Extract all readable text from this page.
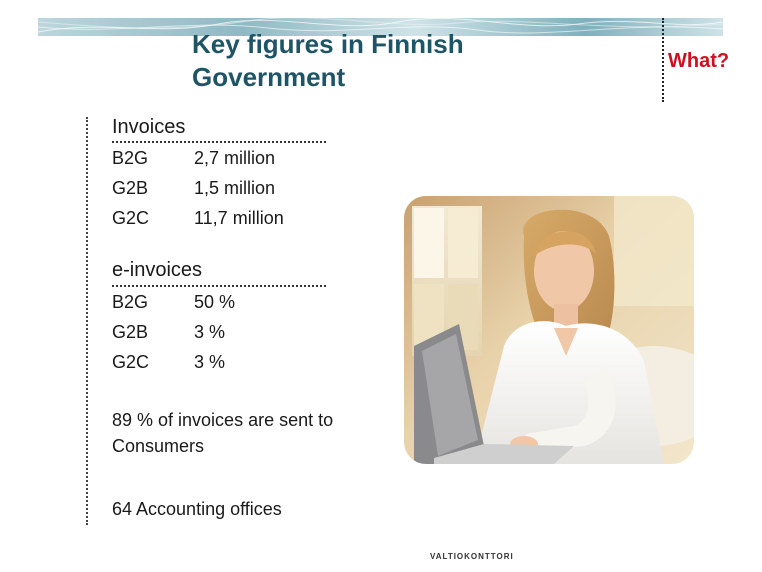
Key figures in Finnish Government
What?
Invoices
B2G	2,7 million
G2B	1,5 million
G2C 11,7 million
e-invoices
B2G	50 %
G2B	3 %
G2C 3 %
89 % of invoices are sent to Consumers
64 Accounting offices
VALTIOKONTTORI
